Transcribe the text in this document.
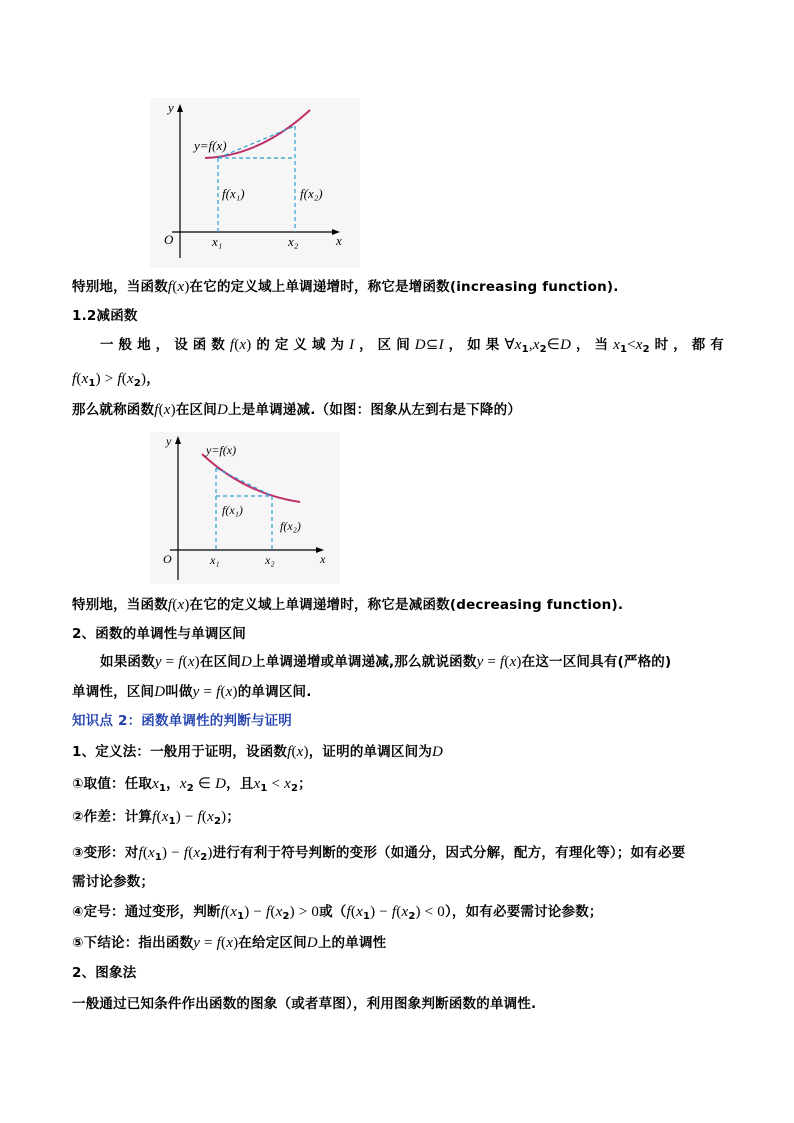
y
x
O
y=f(x)
f(x₁)	f(x₂)
x₁	x₂
特别地，当函数f(x)在它的定义域上单调递增时，称它是增函数(increasing function).
1.2减函数
一般地，设函数f(x)的定义域为I，区间D⊆I，如果$\forall x_1,x_2\in D$，当$x_1<x_2$时，都有
$f(x_1) > f(x_2)$，
那么就称函数f(x)在区间D上是单调递减.（如图：图象从左到右是下降的）
y
x
O
y=f(x)
f(x₁)
f(x₂)
x₁	x₂
特别地，当函数f(x)在它的定义域上单调递增时，称它是减函数(decreasing function).
2、函数的单调性与单调区间
如果函数y = f(x)在区间D上单调递增或单调递减,那么就说函数y = f(x)在这一区间具有(严格的)
单调性，区间D叫做y = f(x)的单调区间.
知识点 2：函数单调性的判断与证明
1、定义法：一般用于证明，设函数f(x)，证明的单调区间为D
①取值：任取$x_1$，$x_2$ ∈ D，且$x_1 < x_2$；
②作差：计算$f(x_1) - f(x_2)$；
③变形：对$f(x_1) - f(x_2)$进行有利于符号判断的变形（如通分，因式分解，配方，有理化等）；如有必要
需讨论参数；
④定号：通过变形，判断$f(x_1) - f(x_2) > 0$或$(f(x_1) - f(x_2) < 0)$，如有必要需讨论参数；
⑤下结论：指出函数y = f(x)在给定区间D上的单调性
2、图象法
一般通过已知条件作出函数的图象（或者草图），利用图象判断函数的单调性.
